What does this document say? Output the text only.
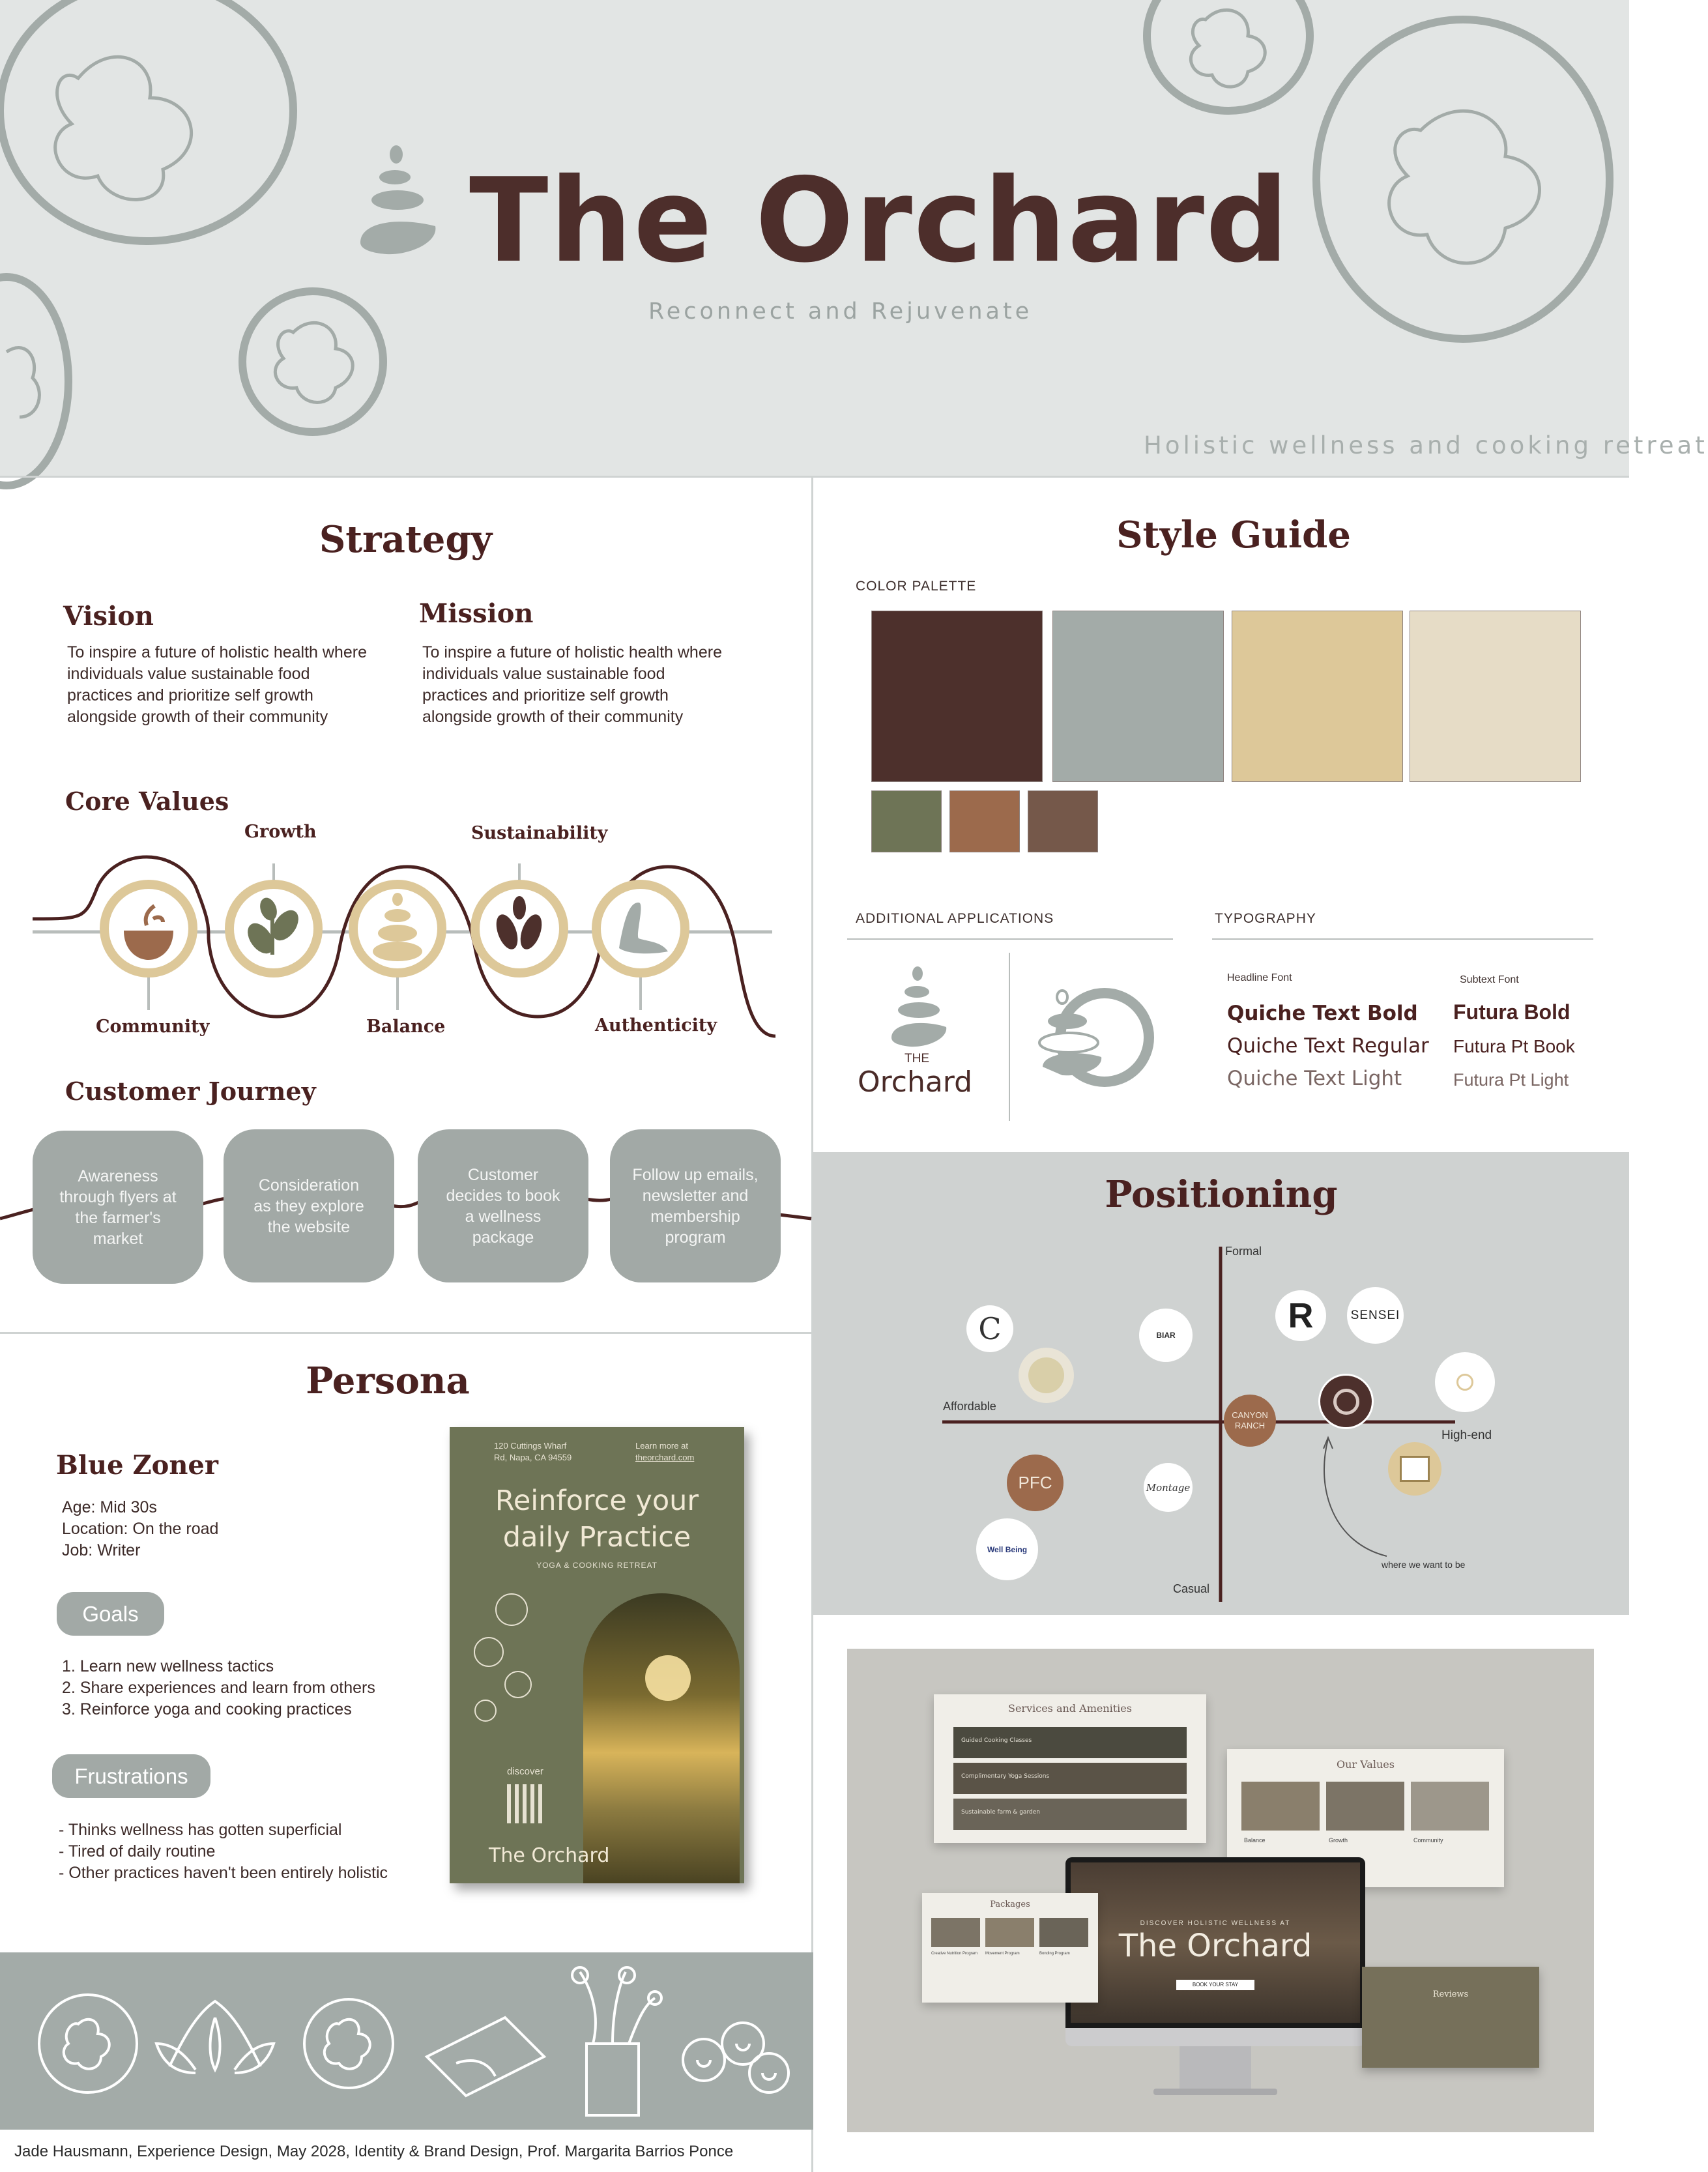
The Orchard
Reconnect and Rejuvenate
Holistic wellness and cooking retreat
Strategy
Vision
To inspire a future of holistic health where
individuals value sustainable food
practices and prioritize self growth
alongside growth of their community
Mission
To inspire a future of holistic health where
individuals value sustainable food
practices and prioritize self growth
alongside growth of their community
Core Values
Growth	Sustainability
Community	Balance	Authenticity
Customer Journey
Awareness
through flyers at
the farmer's
market
Consideration
as they explore
the website
Customer
decides to book
a wellness
package
Follow up emails,
newsletter and
membership
program
Style Guide
COLOR PALETTE
ADDITIONAL APPLICATIONS
THE
Orchard
TYPOGRAPHY
Headline Font	Subtext Font
Quiche Text Bold
Quiche Text Regular
Quiche Text Light
Futura Bold
Futura Pt Book
Futura Pt Light
Positioning
Formal
Casual
Affordable
High-end
where we want to be
C	BIAR	R	SENSEI
CANYON
RANCH
PFC	Montage
Well Being
Persona
Blue Zoner
Age: Mid 30s
Location: On the road
Job: Writer
Goals
1. Learn new wellness tactics
2. Share experiences and learn from others
3. Reinforce yoga and cooking practices
Frustrations
- Thinks wellness has gotten superficial
- Tired of daily routine
- Other practices haven't been entirely holistic
120 Cuttings Wharf
Rd, Napa, CA 94559
Learn more at
theorchard.com
Reinforce your
daily Practice
YOGA & COOKING RETREAT
discover
The Orchard
Services and Amenities
Guided Cooking Classes
Complimentary Yoga Sessions
Sustainable farm & garden
Our Values
Balance	Growth	Community
DISCOVER HOLISTIC WELLNESS AT
The Orchard
BOOK YOUR STAY
Packages
Creative Nutrition Program	Movement Program	Bonding Program
Reviews
Jade Hausmann, Experience Design, May 2028, Identity & Brand Design, Prof. Margarita Barrios Ponce
